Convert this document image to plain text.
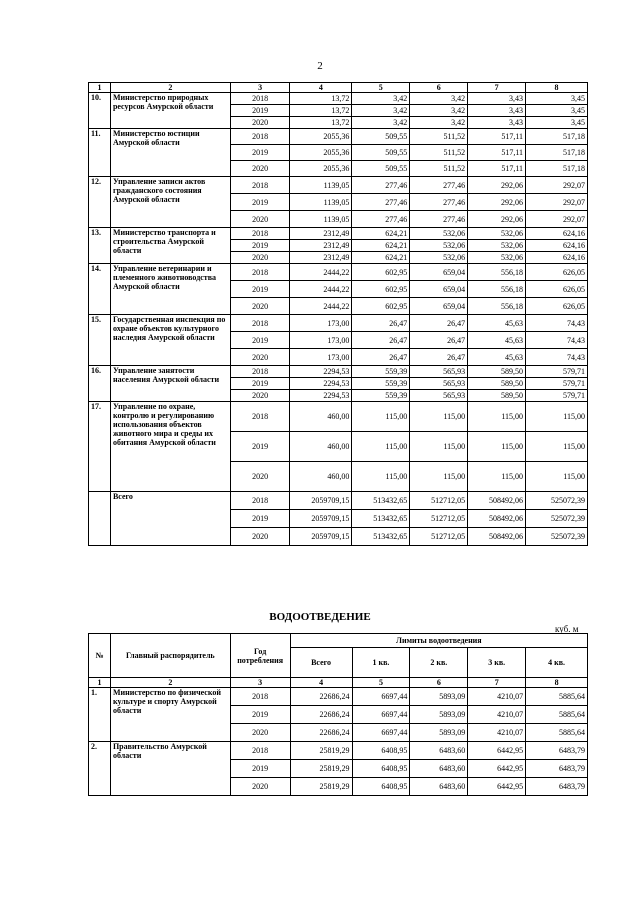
2
1	2	3	4	5	6	7	8
10.	Министерство природных ресурсов Амурской области	2018	13,72	3,42	3,42	3,43	3,45
		2019	13,72	3,42	3,42	3,43	3,45
		2020	13,72	3,42	3,42	3,43	3,45
11.	Министерство юстиции Амурской области	2018	2055,36	509,55	511,52	517,11	517,18
		2019	2055,36	509,55	511,52	517,11	517,18
		2020	2055,36	509,55	511,52	517,11	517,18
12.	Управление записи актов гражданского состояния Амурской области	2018	1139,05	277,46	277,46	292,06	292,07
		2019	1139,05	277,46	277,46	292,06	292,07
		2020	1139,05	277,46	277,46	292,06	292,07
13.	Министерство транспорта и строительства Амурской области	2018	2312,49	624,21	532,06	532,06	624,16
		2019	2312,49	624,21	532,06	532,06	624,16
		2020	2312,49	624,21	532,06	532,06	624,16
14.	Управление ветеринарии и племенного животноводства Амурской области	2018	2444,22	602,95	659,04	556,18	626,05
		2019	2444,22	602,95	659,04	556,18	626,05
		2020	2444,22	602,95	659,04	556,18	626,05
15.	Государственная инспекция по охране объектов культурного наследия Амурской области	2018	173,00	26,47	26,47	45,63	74,43
		2019	173,00	26,47	26,47	45,63	74,43
		2020	173,00	26,47	26,47	45,63	74,43
16.	Управление занятости населения Амурской области	2018	2294,53	559,39	565,93	589,50	579,71
		2019	2294,53	559,39	565,93	589,50	579,71
		2020	2294,53	559,39	565,93	589,50	579,71
17.	Управление по охране, контролю и регулированию использования объектов животного мира и среды их обитания Амурской области	2018	460,00	115,00	115,00	115,00	115,00
		2019	460,00	115,00	115,00	115,00	115,00
		2020	460,00	115,00	115,00	115,00	115,00
	Всего	2018	2059709,15	513432,65	512712,05	508492,06	525072,39
		2019	2059709,15	513432,65	512712,05	508492,06	525072,39
		2020	2059709,15	513432,65	512712,05	508492,06	525072,39
ВОДООТВЕДЕНИЕ
куб. м
№	Главный распорядитель	Год потребления	Лимиты водоотведения				
			Всего	1 кв.	2 кв.	3 кв.	4 кв.
1	2	3	4	5	6	7	8
1.	Министерство по физической культуре и спорту Амурской области	2018	22686,24	6697,44	5893,09	4210,07	5885,64
		2019	22686,24	6697,44	5893,09	4210,07	5885,64
		2020	22686,24	6697,44	5893,09	4210,07	5885,64
2.	Правительство Амурской области	2018	25819,29	6408,95	6483,60	6442,95	6483,79
		2019	25819,29	6408,95	6483,60	6442,95	6483,79
		2020	25819,29	6408,95	6483,60	6442,95	6483,79
